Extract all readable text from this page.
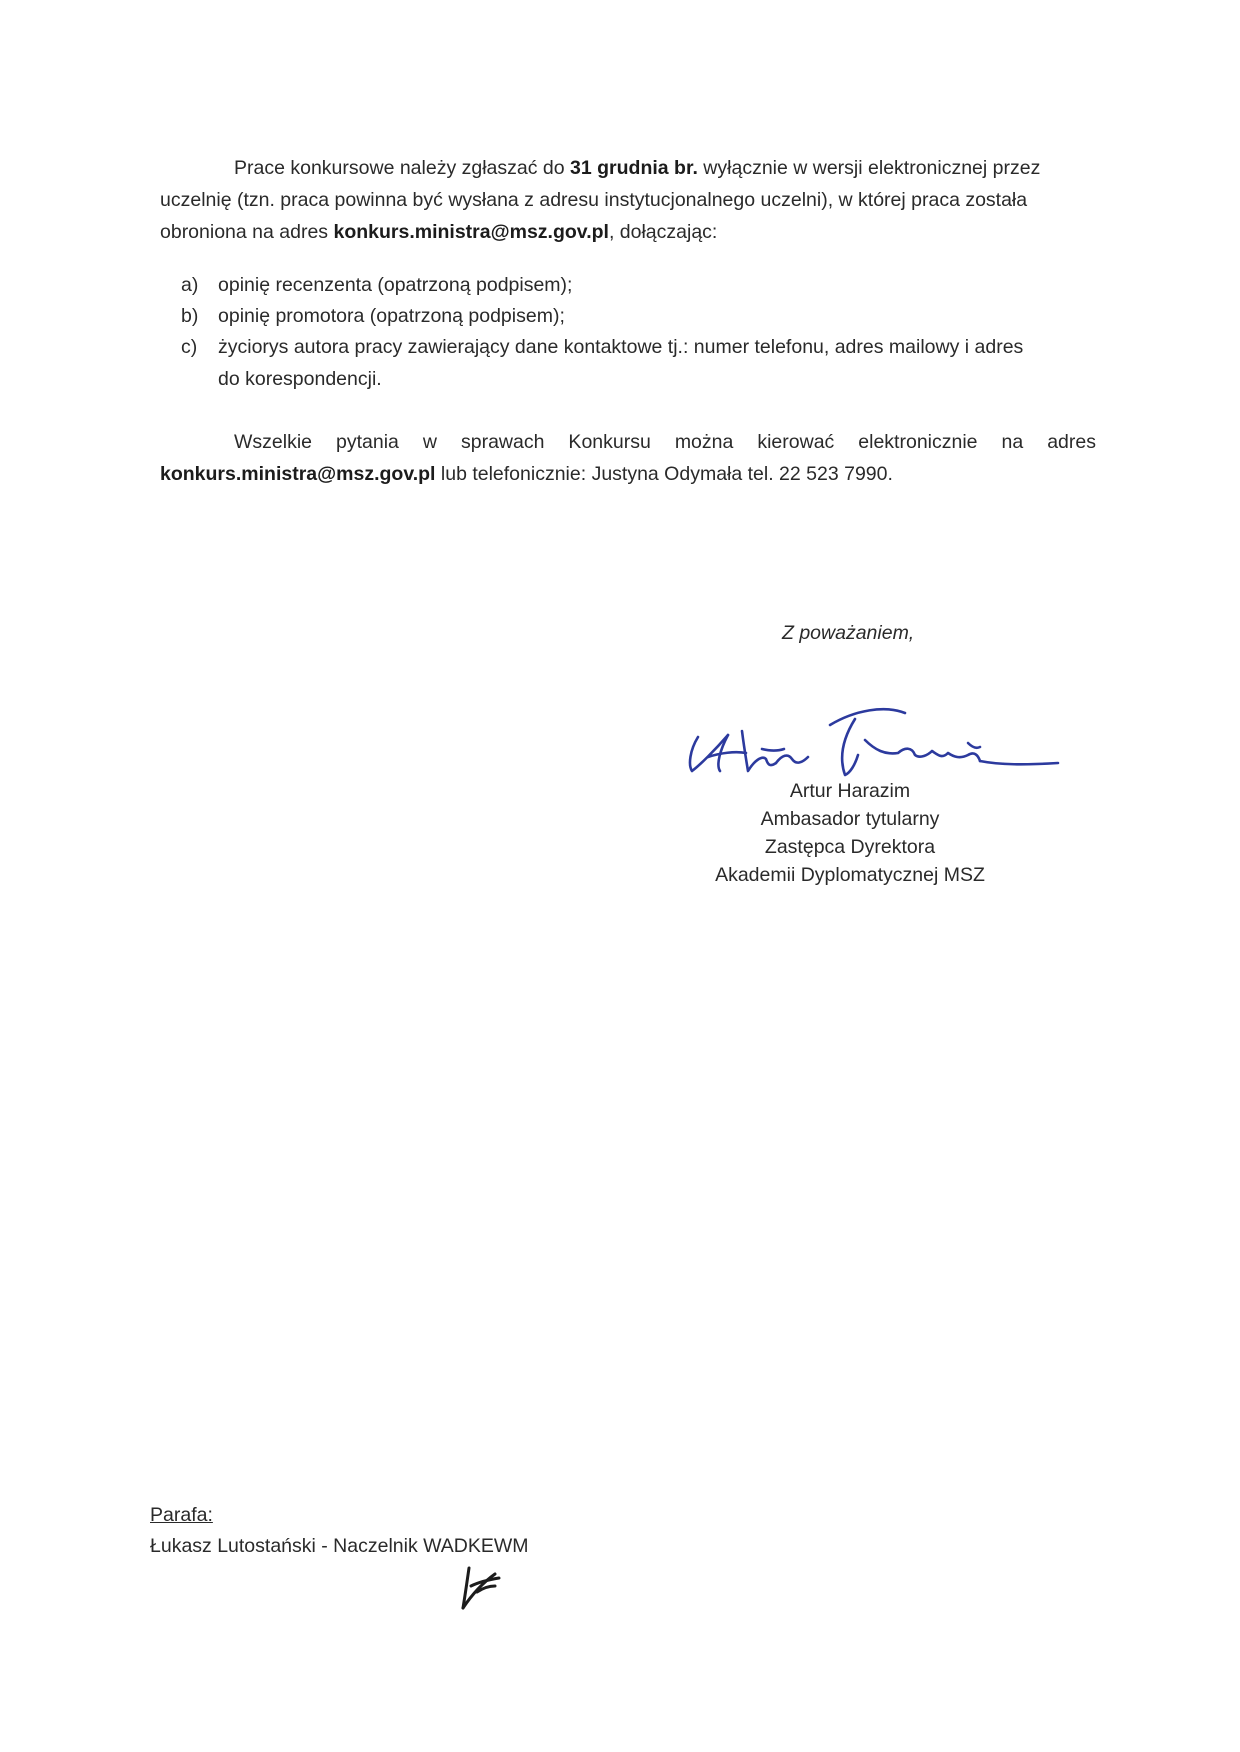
Prace konkursowe należy zgłaszać do 31 grudnia br. wyłącznie w wersji elektronicznej przez
uczelnię (tzn. praca powinna być wysłana z adresu instytucjonalnego uczelni), w której praca została
obroniona na adres konkurs.ministra@msz.gov.pl, dołączając:
a) opinię recenzenta (opatrzoną podpisem);
b) opinię promotora (opatrzoną podpisem);
c) życiorys autora pracy zawierający dane kontaktowe tj.: numer telefonu, adres mailowy i adres
do korespondencji.
Wszelkie pytania w sprawach Konkursu można kierować elektronicznie na adres
konkurs.ministra@msz.gov.pl lub telefonicznie: Justyna Odymała tel. 22 523 7990.
Z poważaniem,
Artur Harazim
Ambasador tytularny
Zastępca Dyrektora
Akademii Dyplomatycznej MSZ
Parafa:
Łukasz Lutostański - Naczelnik WADKEWM
